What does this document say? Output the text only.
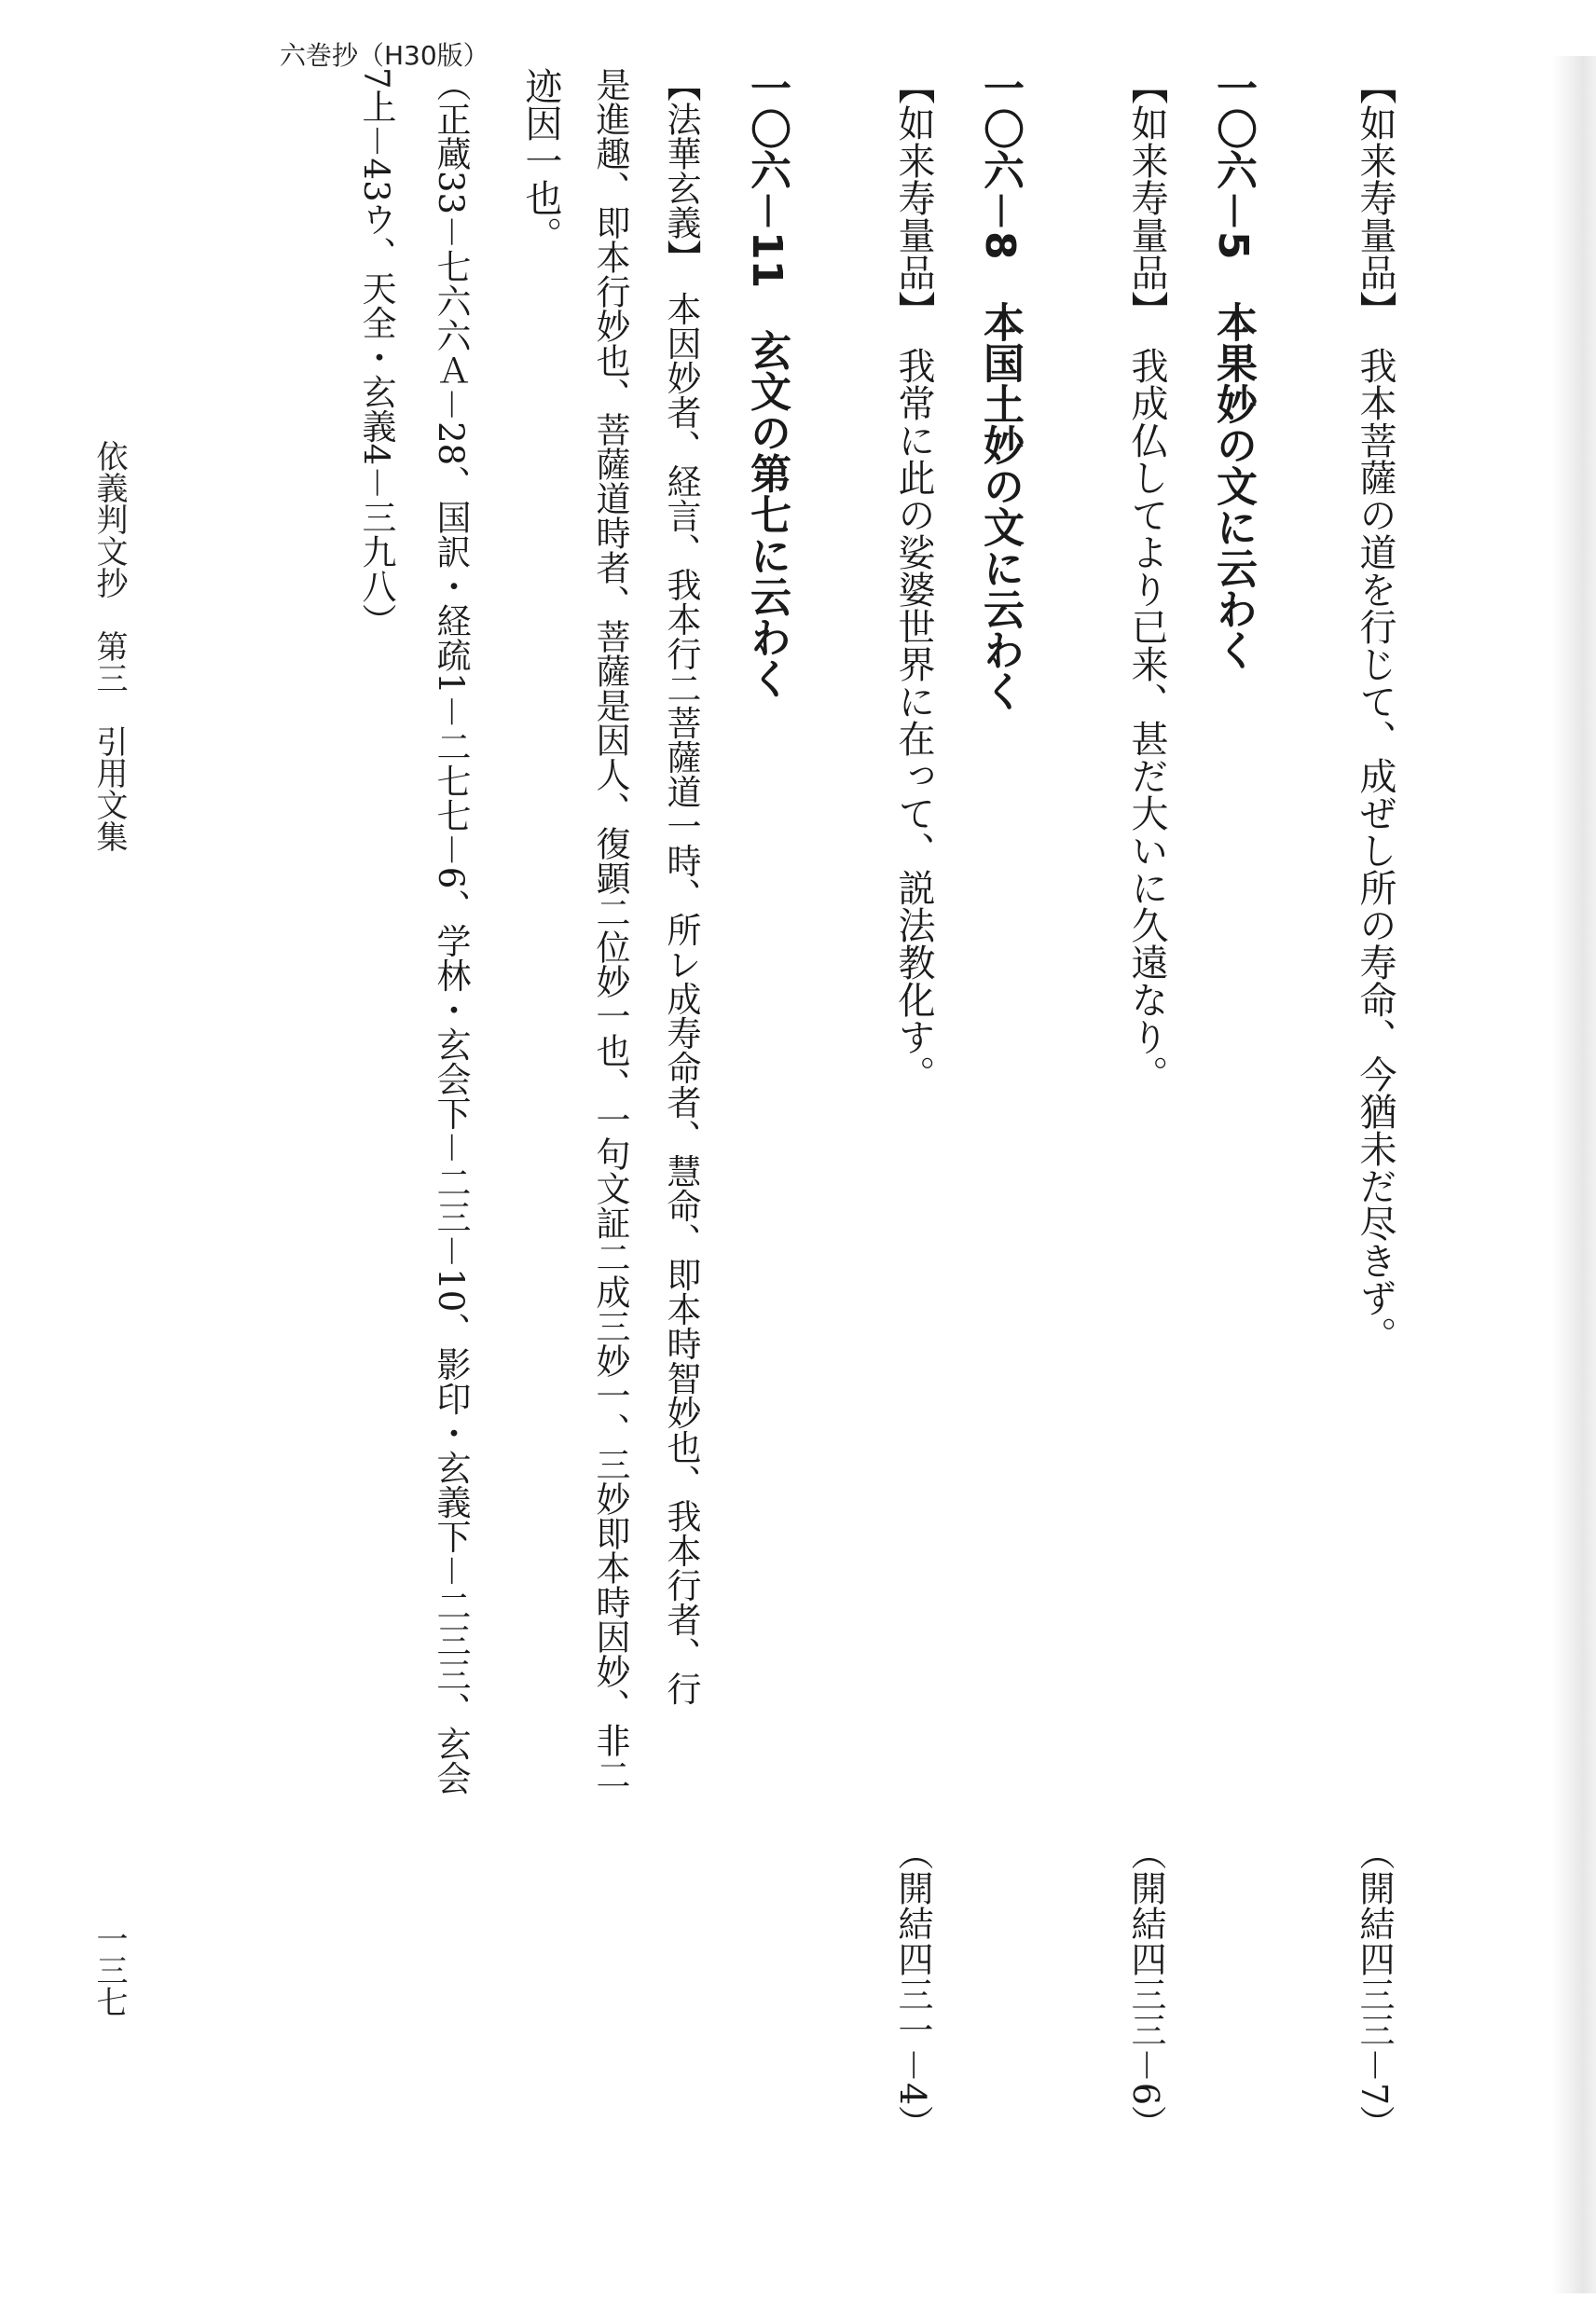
六巻抄（H30版）
【如来寿量品】　我本菩薩の道を行じて、成ぜし所の寿命、今猶未だ尽きず。
（開結四三三－7）
一〇六－5　本果妙の文に云わく
【如来寿量品】　我成仏してより已来、甚だ大いに久遠なり。
（開結四三三－6）
一〇六－8　本国土妙の文に云わく
【如来寿量品】　我常に此の娑婆世界に在って、説法教化す。
（開結四三一－4）
一〇六－11　玄文の第七に云わく
【法華玄義】　本因妙者、経言、我本行二菩薩道一時、所レ成寿命者、慧命、即本時智妙也、我本行者、行
是進趣、即本行妙也、菩薩道時者、菩薩是因人、復顕二位妙一也、一句文証二成三妙一、三妙即本時因妙、非二
迹因一也。
（正蔵33－七六六Ａ－28、国訳・経疏1－二七七－6、学林・玄会下－二三－10、影印・玄義下－二三三、玄会
7上－43ウ、天全・玄義4－三九八）
依義判文抄　第三　引用文集
一三七
